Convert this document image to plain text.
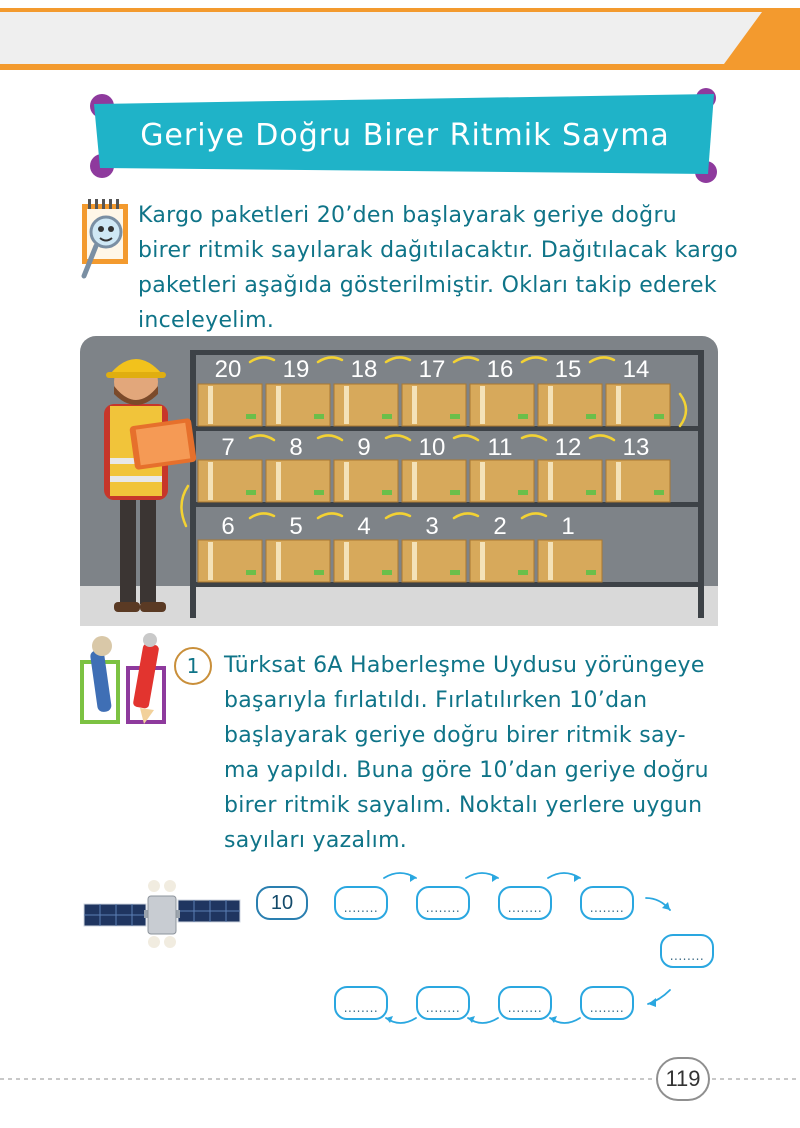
Geriye Doğru Birer Ritmik Sayma

Kargo paketleri 20’den başlayarak geriye doğru
birer ritmik sayılarak dağıtılacaktır. Dağıtılacak kargo
paketleri aşağıda gösterilmiştir. Okları takip ederek
inceleyelim.

20 19 18 17 16 15 14
7	8	9	10	11	12 13
6	5	4	3	2	1
1	Türksat 6A Haberleşme Uydusu yörüngeye
başarıyla fırlatıldı. Fırlatılırken 10’dan
başlayarak geriye doğru birer ritmik say-
ma yapıldı. Buna göre 10’dan geriye doğru
birer ritmik sayalım. Noktalı yerlere uygun
sayıları yazalım.

10	........	........	........	........
........
........
........
........
........
119
